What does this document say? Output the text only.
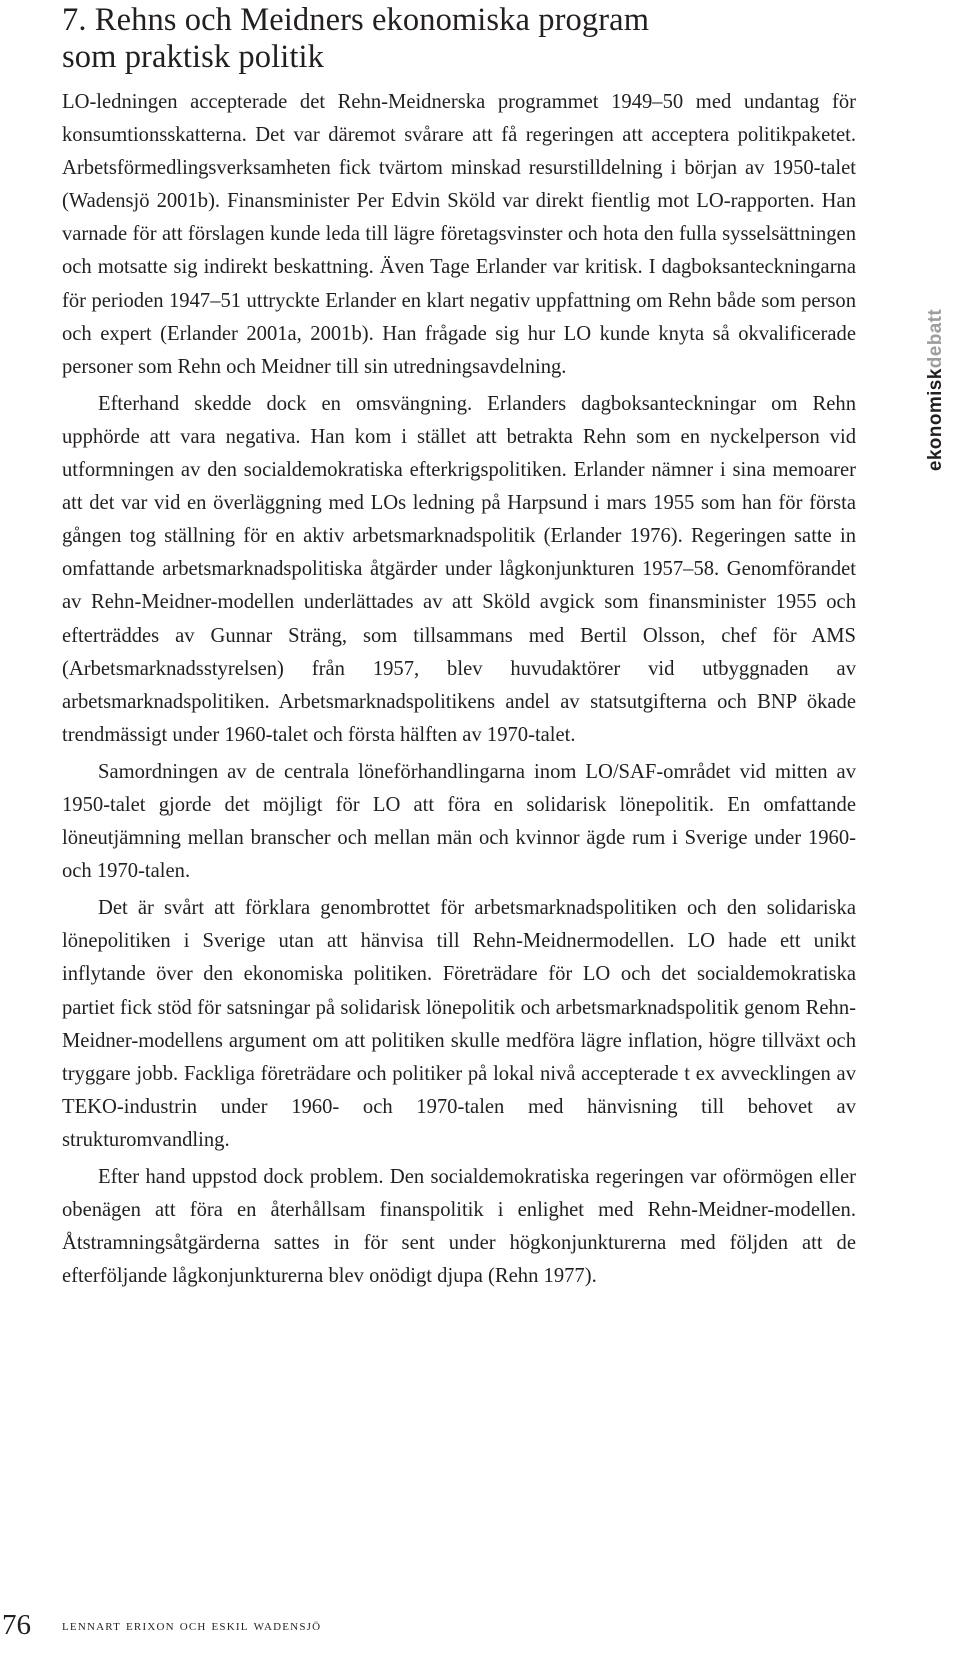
7. Rehns och Meidners ekonomiska program
som praktisk politik

LO-ledningen accepterade det Rehn-Meidnerska programmet 1949–50 med undantag för konsumtionsskatterna. Det var däremot svårare att få regeringen att acceptera politikpaketet. Arbetsförmedlingsverksamheten fick tvärtom minskad resurstilldelning i början av 1950-talet (Wadensjö 2001b). Finansminister Per Edvin Sköld var direkt fientlig mot LO-rapporten. Han varnade för att förslagen kunde leda till lägre företagsvinster och hota den fulla sysselsättningen och motsatte sig indirekt beskattning. Även Tage Erlander var kritisk. I dagboksanteckningarna för perioden 1947–51 uttryckte Erlander en klart negativ uppfattning om Rehn både som person och expert (Erlander 2001a, 2001b). Han frågade sig hur LO kunde knyta så okvalificerade personer som Rehn och Meidner till sin utredningsavdelning.

Efterhand skedde dock en omsvängning. Erlanders dagboksanteckningar om Rehn upphörde att vara negativa. Han kom i stället att betrakta Rehn som en nyckelperson vid utformningen av den socialdemokratiska efterkrigspolitiken. Erlander nämner i sina memoarer att det var vid en överläggning med LOs ledning på Harpsund i mars 1955 som han för första gången tog ställning för en aktiv arbetsmarknadspolitik (Erlander 1976). Regeringen satte in omfattande arbetsmarknadspolitiska åtgärder under lågkonjunkturen 1957–58. Genomförandet av Rehn-Meidner-modellen underlättades av att Sköld avgick som finansminister 1955 och efterträddes av Gunnar Sträng, som tillsammans med Bertil Olsson, chef för AMS (Arbetsmarknadsstyrelsen) från 1957, blev huvudaktörer vid utbyggnaden av arbetsmarknadspolitiken. Arbetsmarknadspolitikens andel av statsutgifterna och BNP ökade trendmässigt under 1960-talet och första hälften av 1970-talet.

Samordningen av de centrala löneförhandlingarna inom LO/SAF-området vid mitten av 1950-talet gjorde det möjligt för LO att föra en solidarisk lönepolitik. En omfattande löneutjämning mellan branscher och mellan män och kvinnor ägde rum i Sverige under 1960- och 1970-talen.

Det är svårt att förklara genombrottet för arbetsmarknadspolitiken och den solidariska lönepolitiken i Sverige utan att hänvisa till Rehn-Meidnermodellen. LO hade ett unikt inflytande över den ekonomiska politiken. Företrädare för LO och det socialdemokratiska partiet fick stöd för satsningar på solidarisk lönepolitik och arbetsmarknadspolitik genom Rehn-Meidner-modellens argument om att politiken skulle medföra lägre inflation, högre tillväxt och tryggare jobb. Fackliga företrädare och politiker på lokal nivå accepterade t ex avvecklingen av TEKO-industrin under 1960- och 1970-talen med hänvisning till behovet av strukturomvandling.

Efter hand uppstod dock problem. Den socialdemokratiska regeringen var oförmögen eller obenägen att föra en återhållsam finanspolitik i enlighet med Rehn-Meidner-modellen. Åtstramningsåtgärderna sattes in för sent under högkonjunkturerna med följden att de efterföljande lågkonjunkturerna blev onödigt djupa (Rehn 1977).

ekonomiskdebatt
76 lennart erixon och eskil wadensjö
